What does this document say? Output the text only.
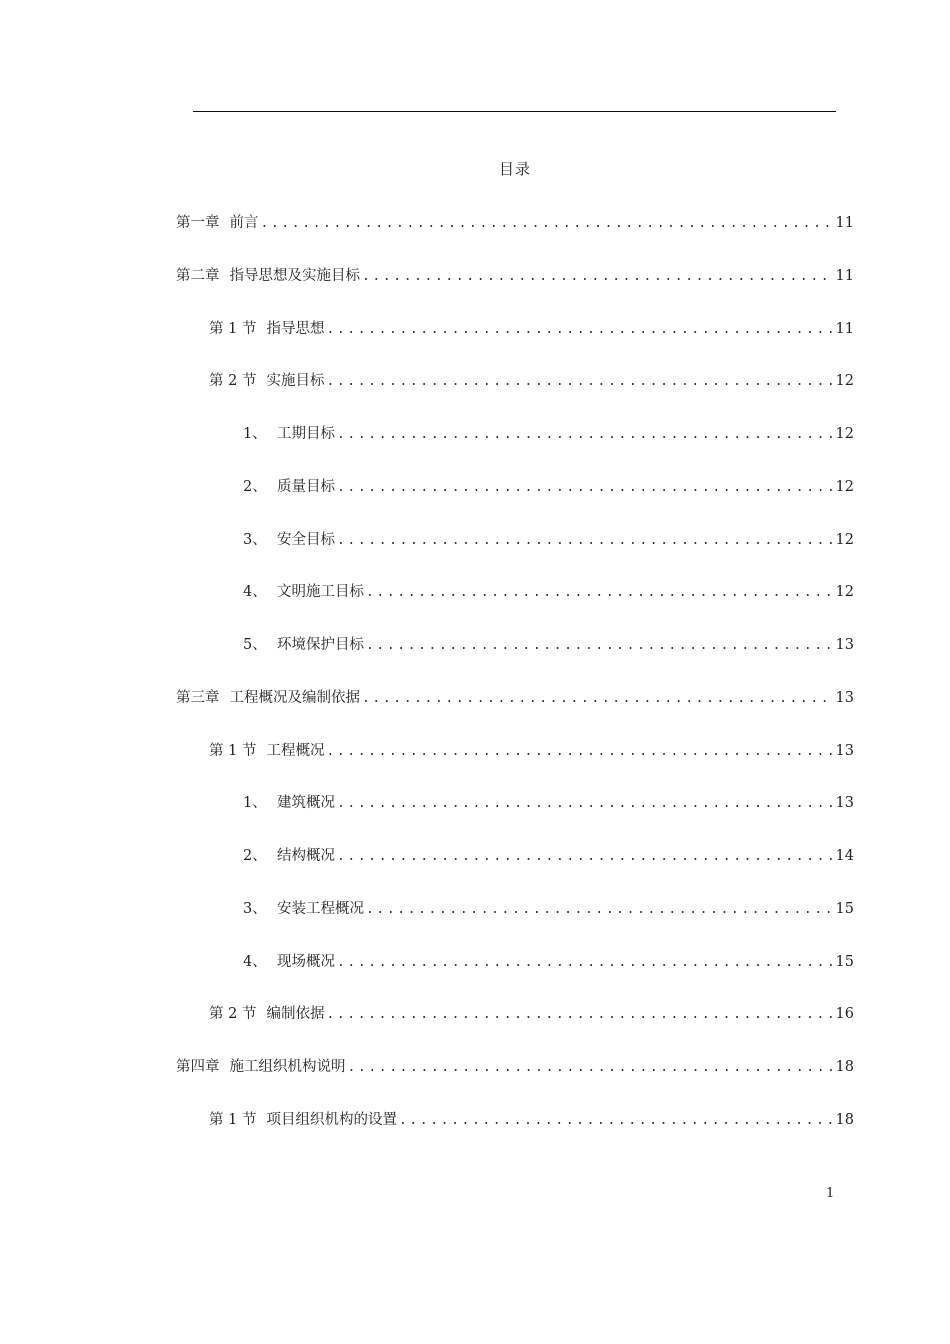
目录
第一章 前言 .....	11
第二章 指导思想及实施目标 .....	11
第 1 节 指导思想 .....	11
第 2 节 实施目标 .....	12
1、 工期目标 .....	12
2、 质量目标 .....	12
3、 安全目标 .....	12
4、 文明施工目标 .....	12
5、 环境保护目标 .....	13
第三章 工程概况及编制依据 .....	13
第 1 节 工程概况 .....	13
1、 建筑概况 .....	13
2、 结构概况 .....	14
3、 安装工程概况 .....	15
4、 现场概况 .....	15
第 2 节 编制依据 .....	16
第四章 施工组织机构说明 .....	18
第 1 节 项目组织机构的设置 .....	18
1
